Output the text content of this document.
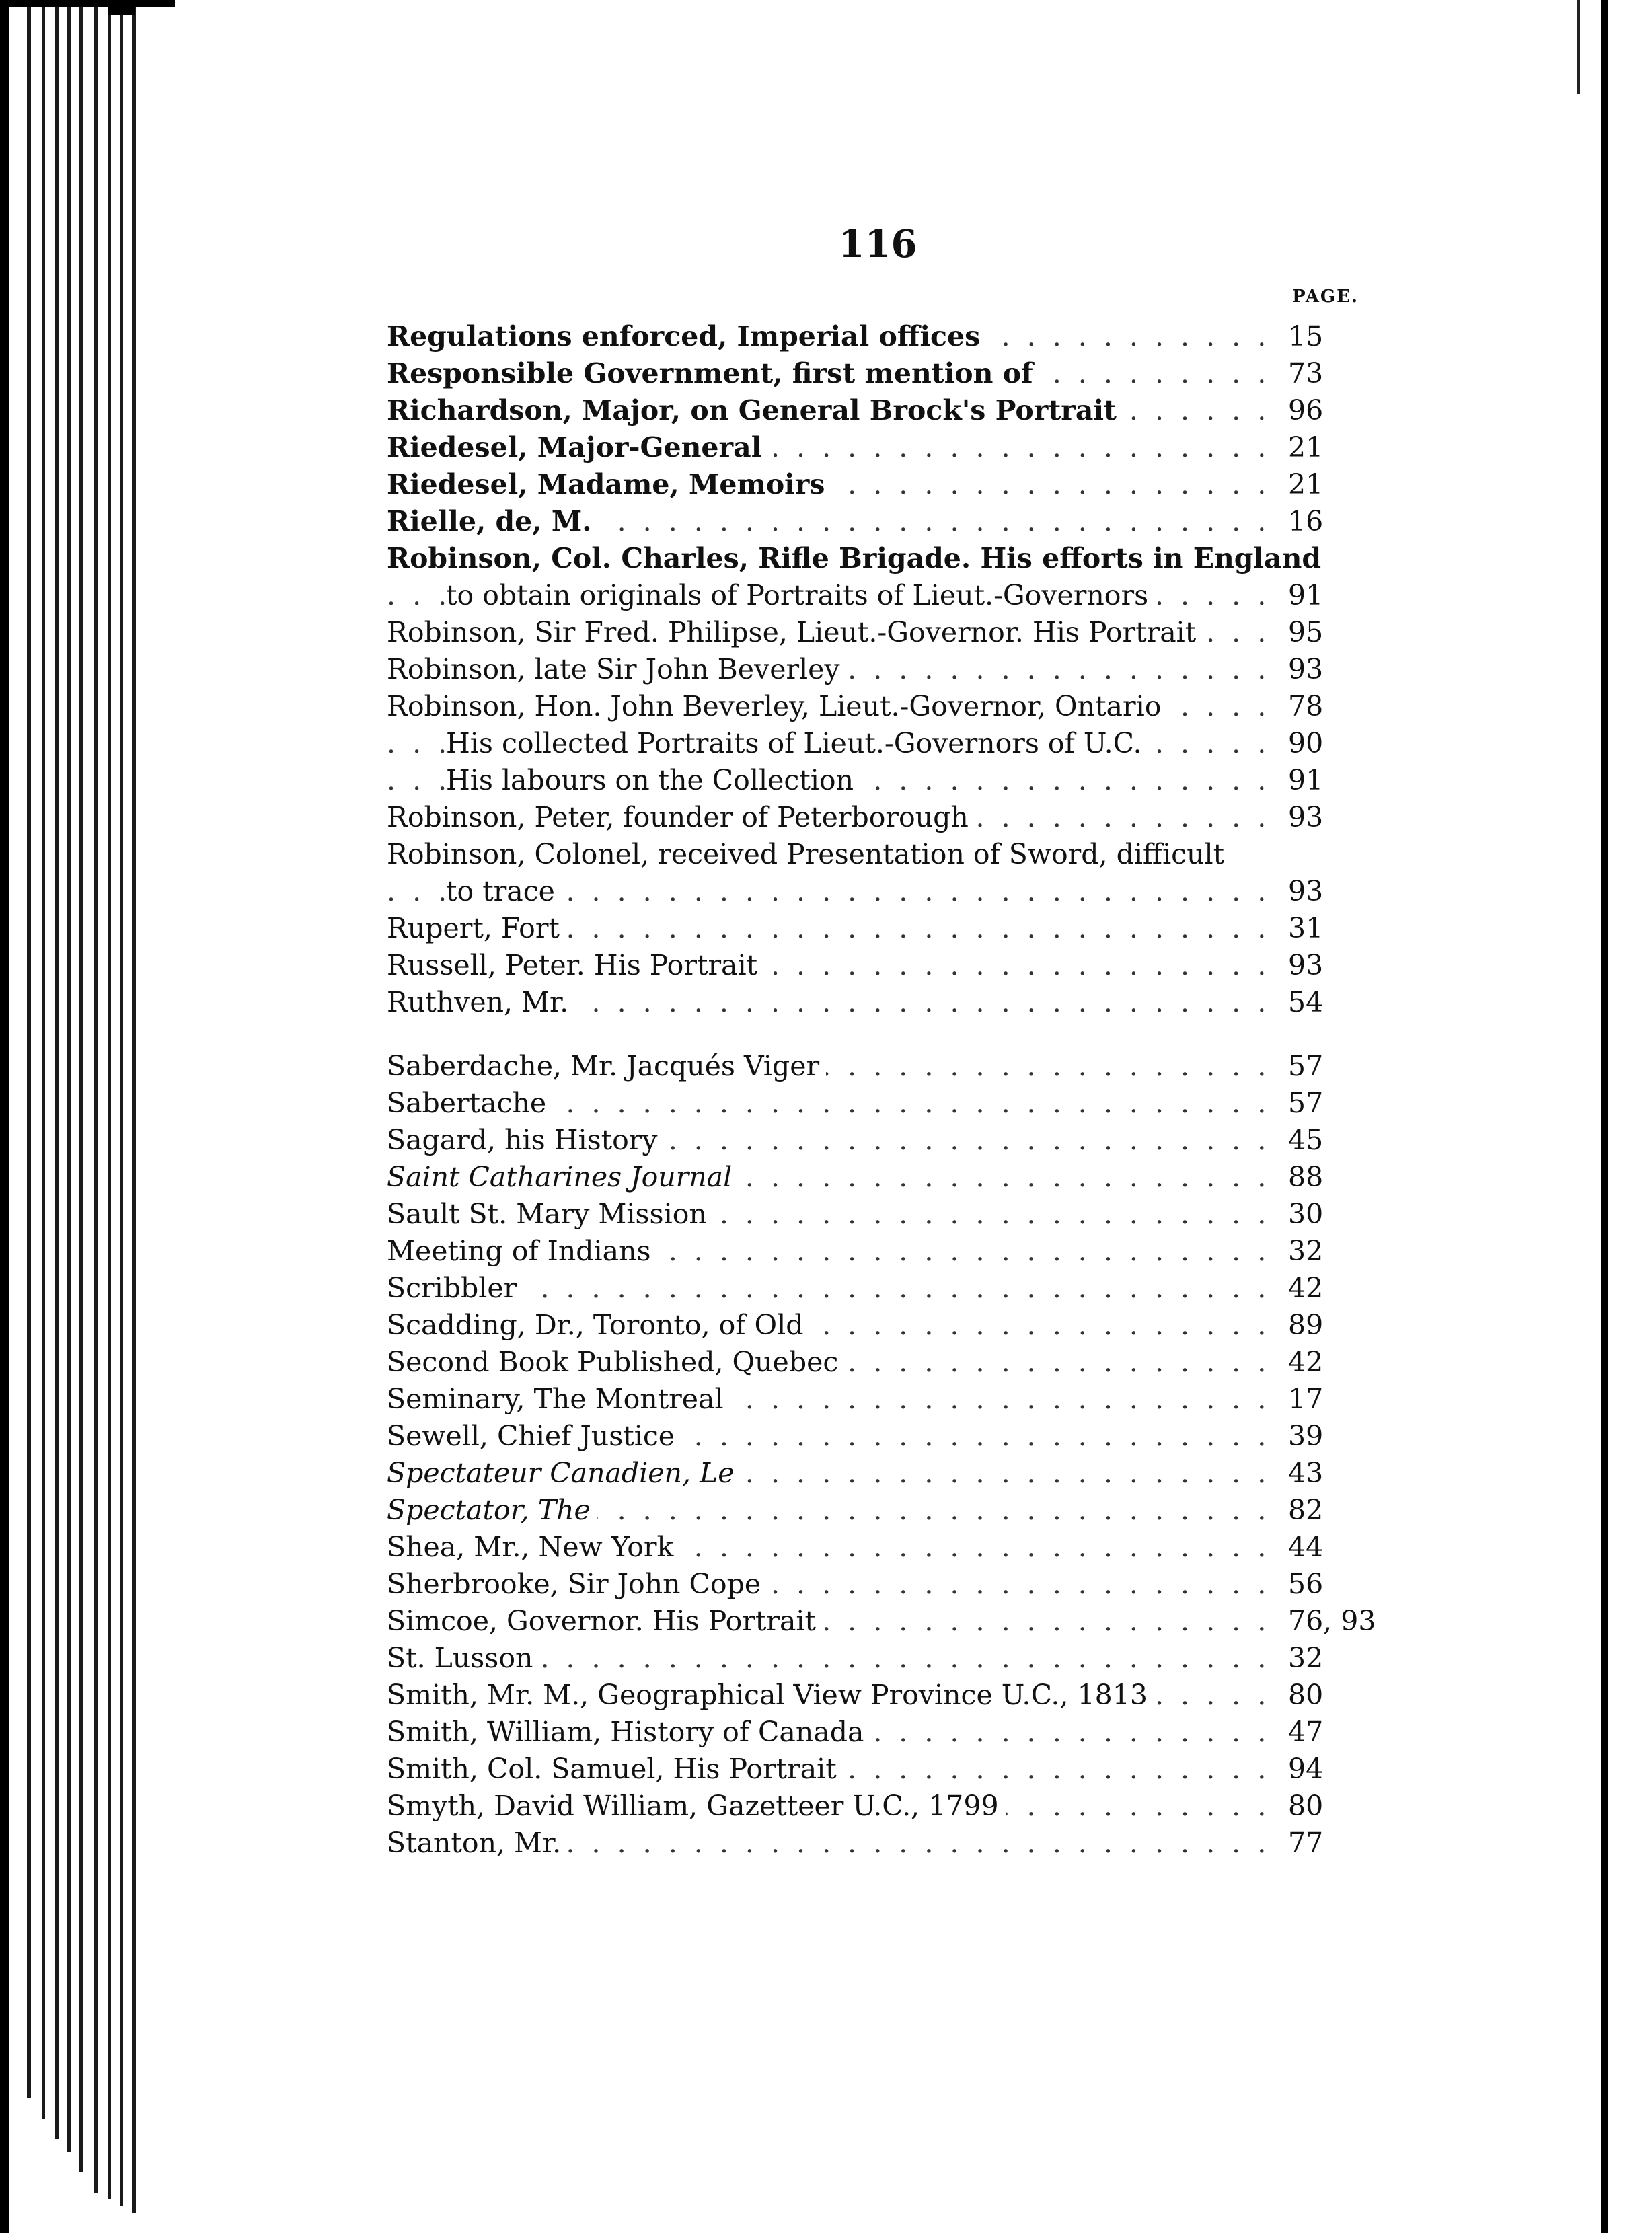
116
PAGE.
. . .
Regulations enforced, Imperial offices	15
. . .
Responsible Government, first mention of	73
. . .
Richardson, Major, on General Brock's Portrait	96
. . .
Riedesel, Major-General	21
. . .
Riedesel, Madame, Memoirs	21
. . .
Rielle, de, M.	16
Robinson, Col. Charles, Rifle Brigade. His efforts in England
. . .
to obtain originals of Portraits of Lieut.-Governors	91
. . .
Robinson, Sir Fred. Philipse, Lieut.-Governor. His Portrait	95
. . .
Robinson, late Sir John Beverley	93
. . .
Robinson, Hon. John Beverley, Lieut.-Governor, Ontario	78
. . .
His collected Portraits of Lieut.-Governors of U.C.	90
. . .
His labours on the Collection	91
. . .
Robinson, Peter, founder of Peterborough	93
Robinson, Colonel, received Presentation of Sword, difficult
. . .
to trace	93
. . .
Rupert, Fort	31
. . .
Russell, Peter. His Portrait	93
. . .
Ruthven, Mr.	54
. . .
Saberdache, Mr. Jacqués Viger	57
. . .
Sabertache	57
. . .
Sagard, his History	45
. . .
Saint Catharines Journal	88
. . .
Sault St. Mary Mission	30
. . .
Meeting of Indians	32
. . .
Scribbler	42
. . .
Scadding, Dr., Toronto, of Old	89
. . .
Second Book Published, Quebec	42
. . .
Seminary, The Montreal	17
. . .
Sewell, Chief Justice	39
. . .
Spectateur Canadien, Le	43
. . .
Spectator, The	82
. . .
Shea, Mr., New York	44
. . .
Sherbrooke, Sir John Cope	56
. . .
Simcoe, Governor. His Portrait	76, 93
. . .
St. Lusson	32
. . .
Smith, Mr. M., Geographical View Province U.C., 1813	80
. . .
Smith, William, History of Canada	47
. . .
Smith, Col. Samuel, His Portrait	94
. . .
Smyth, David William, Gazetteer U.C., 1799	80
. . .
Stanton, Mr.	77
